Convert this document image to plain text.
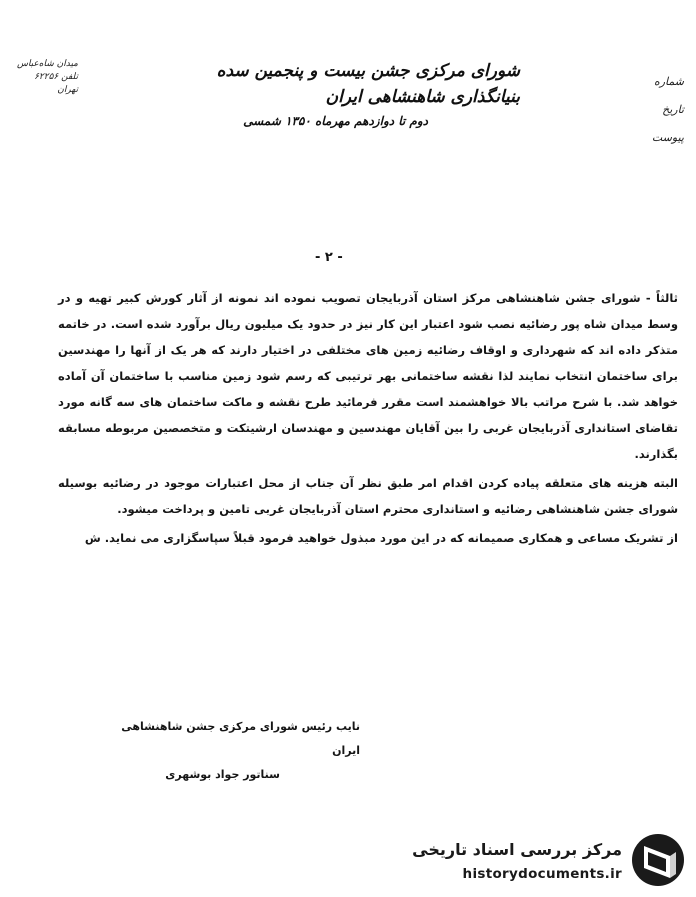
میدان شاه‌عباس
تلفن ۶۲۲۵۶
تهران
شورای مرکزی جشن بیست و پنجمین سده بنیانگذاری شاهنشاهی ایران
دوم تا دوازدهم مهرماه ۱۳۵۰ شمسی
شماره
تاریخ
پیوست
- ۲ -

ثالثاً - شورای جشن شاهنشاهی مرکز استان آذربایجان تصویب نموده اند نمونه از آثار کورش کبیر تهیه و در وسط میدان شاه پور رضائیه نصب شود اعتبار این کار نیز در حدود یک میلیون ریال برآورد شده است. در خاتمه متذکر داده اند که شهرداری و اوقاف رضائیه زمین های مختلفی در اختیار دارند که هر یک از آنها را مهندسین برای ساختمان انتخاب نمایند لذا نقشه ساختمانی بهر ترتیبی که رسم شود زمین مناسب با ساختمان آن آماده خواهد شد. با شرح مراتب بالا خواهشمند است مقرر فرمائید طرح نقشه و ماکت ساختمان های سه گانه مورد تقاضای استانداری آذربایجان غربی را بین آقایان مهندسین و مهندسان ارشیتکت و متخصصین مربوطه مسابقه بگذارند.

البته هزینه های متعلقه پیاده کردن اقدام امر طبق نظر آن جناب از محل اعتبارات موجود در رضائیه بوسیله شورای جشن شاهنشاهی رضائیه و استانداری محترم استان آذربایجان غربی تامین و پرداخت میشود.

از تشریک مساعی و همکاری صمیمانه که در این مورد مبذول خواهید فرمود قبلاً سپاسگزاری می نماید. ش

نایب رئیس شورای مرکزی جشن شاهنشاهی ایران
سناتور جواد بوشهری
مرکز بررسی اسناد تاریخی
historydocuments.ir
